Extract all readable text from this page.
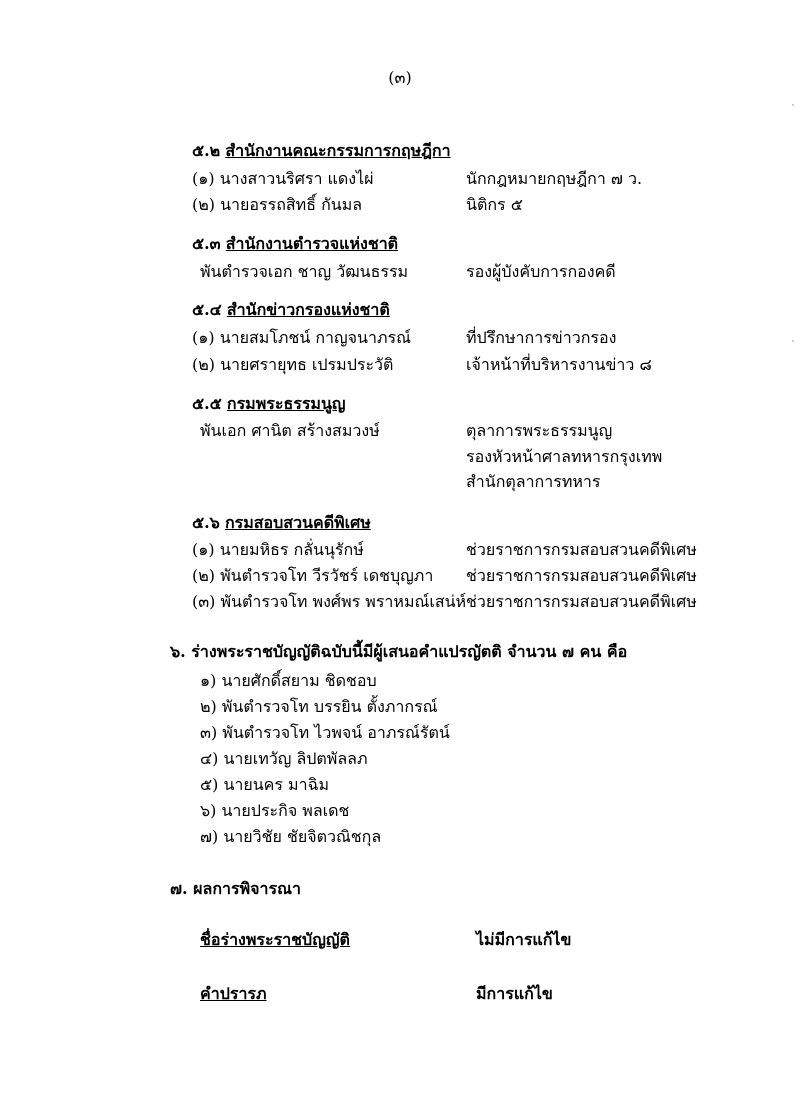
(๓)
๕.๒ สำนักงานคณะกรรมการกฤษฎีกา
(๑) นางสาวนริศรา แดงไผ่	นักกฎหมายกฤษฎีกา ๗ ว.
(๒) นายอรรถสิทธิ์ กันมล	นิติกร ๕
๕.๓ สำนักงานตำรวจแห่งชาติ
พันตำรวจเอก ชาญ วัฒนธรรม	รองผู้บังคับการกองคดี
๕.๔ สำนักข่าวกรองแห่งชาติ
(๑) นายสมโภชน์ กาญจนาภรณ์	ที่ปรึกษาการข่าวกรอง
(๒) นายศรายุทธ เปรมประวัติ	เจ้าหน้าที่บริหารงานข่าว ๘
๕.๕ กรมพระธรรมนูญ
พันเอก ศานิต สร้างสมวงษ์	ตุลาการพระธรรมนูญ
รองหัวหน้าศาลทหารกรุงเทพ
สำนักตุลาการทหาร
๕.๖ กรมสอบสวนคดีพิเศษ
(๑) นายมหิธร กลั่นนุรักษ์	ช่วยราชการกรมสอบสวนคดีพิเศษ
(๒) พันตำรวจโท วีรวัชร์ เดชบุญภา ช่วยราชการกรมสอบสวนคดีพิเศษ
(๓) พันตำรวจโท พงศ์พร พราหมณ์เสน่ห์ ช่วยราชการกรมสอบสวนคดีพิเศษ
๖. ร่างพระราชบัญญัติฉบับนี้มีผู้เสนอคำแปรญัตติ จำนวน ๗ คน คือ
๑) นายศักดิ์สยาม ชิดชอบ
๒) พันตำรวจโท บรรยิน ตั้งภากรณ์
๓) พันตำรวจโท ไวพจน์ อาภรณ์รัตน์
๔) นายเทวัญ ลิปตพัลลภ
๕) นายนคร มาฉิม
๖) นายประกิจ พลเดช
๗) นายวิชัย ชัยจิตวณิชกุล
๗. ผลการพิจารณา
ชื่อร่างพระราชบัญญัติ	ไม่มีการแก้ไข
คำปรารภ	มีการแก้ไข
